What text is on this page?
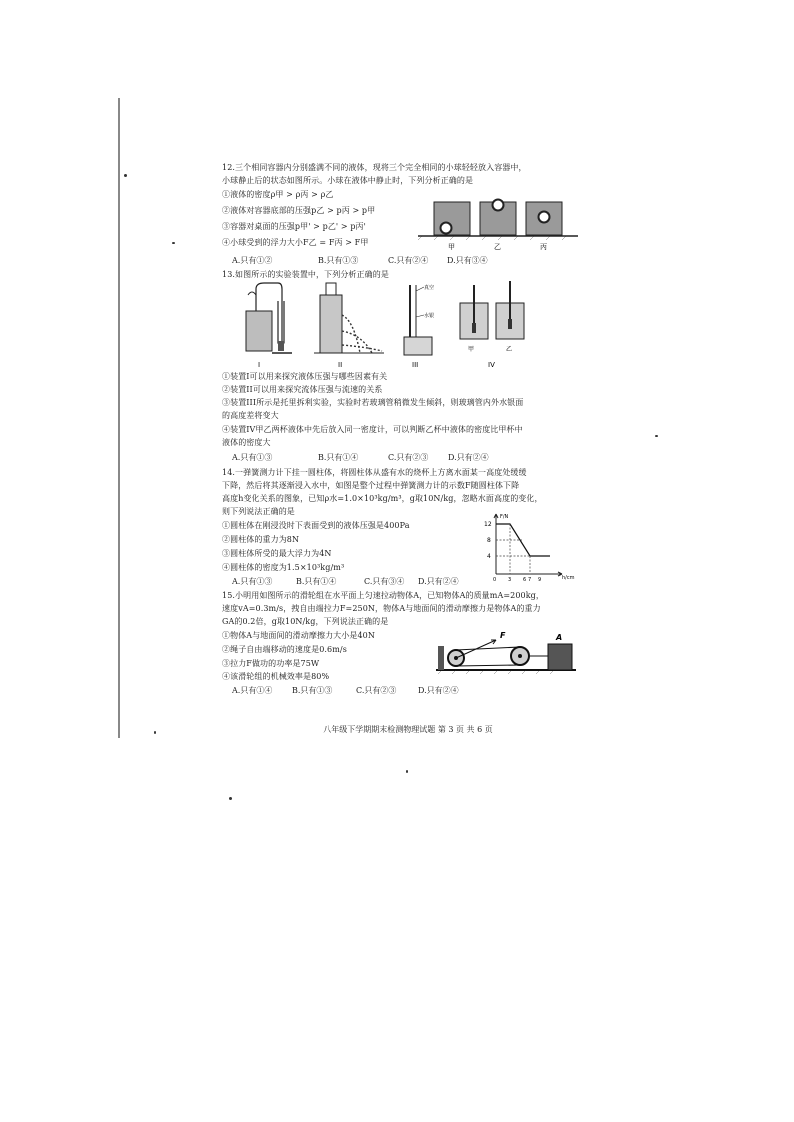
12.三个相同容器内分别盛满不同的液体，现将三个完全相同的小球轻轻放入容器中，
小球静止后的状态如图所示。小球在液体中静止时，下列分析正确的是
①液体的密度ρ甲 > ρ丙 > ρ乙
②液体对容器底部的压强p乙 > p丙 > p甲
③容器对桌面的压强p甲' > p乙' > p丙'
④小球受到的浮力大小F乙 = F丙 > F甲
A.只有①②	B.只有①③	C.只有②④ D.只有③④
甲	乙	丙
13.如图所示的实验装置中，下列分析正确的是
I	II
真空
水银
III
甲	乙
IV
①装置I可以用来探究液体压强与哪些因素有关
②装置II可以用来探究流体压强与流速的关系
③装置III所示是托里拆利实验，实验时若玻璃管稍微发生倾斜，则玻璃管内外水银面
的高度差将变大
④装置IV甲乙两杯液体中先后放入同一密度计，可以判断乙杯中液体的密度比甲杯中
液体的密度大
A.只有①③	B.只有①④	C.只有②③ D.只有②④
14.一弹簧测力计下挂一圆柱体，将圆柱体从盛有水的烧杯上方离水面某一高度处缓缓
下降，然后将其逐渐浸入水中，如图是整个过程中弹簧测力计的示数F随圆柱体下降
高度h变化关系的图象，已知ρ水=1.0×10³kg/m³，g取10N/kg，忽略水面高度的变化，
则下列说法正确的是
①圆柱体在刚浸没时下表面受到的液体压强是400Pa
②圆柱体的重力为8N
③圆柱体所受的最大浮力为4N
④圆柱体的密度为1.5×10³kg/m³
A.只有①③	B.只有①④	C.只有③④ D.只有②④
F/N
h/cm
12
8
4
0 3 6 7 9
15.小明用如图所示的滑轮组在水平面上匀速拉动物体A，已知物体A的质量mA=200kg，
速度vA=0.3m/s，拽自由端拉力F=250N，物体A与地面间的滑动摩擦力是物体A的重力
GA的0.2倍，g取10N/kg，下列说法正确的是
①物体A与地面间的滑动摩擦力大小是40N
②绳子自由端移动的速度是0.6m/s
③拉力F做功的功率是75W
④该滑轮组的机械效率是80%
A.只有①④ B.只有①③	C.只有②③	D.只有②④
F	A
八年级下学期期末检测物理试题 第 3 页 共 6 页
